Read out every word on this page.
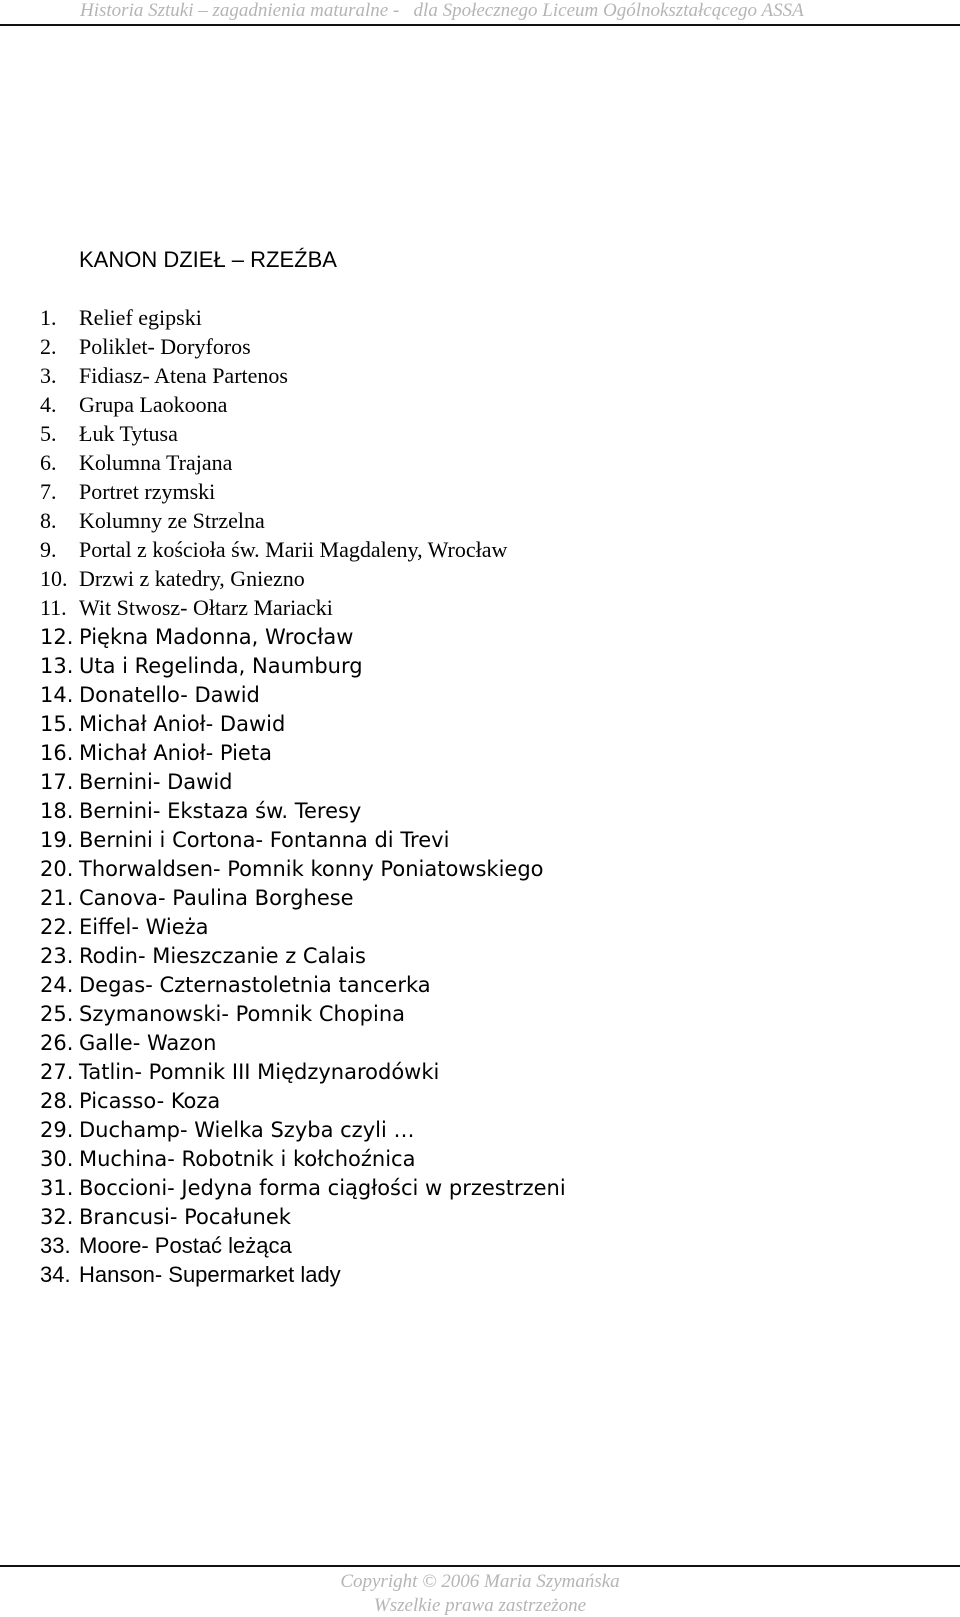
Historia Sztuki – zagadnienia maturalne -   dla Społecznego Liceum Ogólnokształcącego ASSA
KANON DZIEŁ – RZEŹBA
1.	Relief egipski
2.	Poliklet- Doryforos
3.	Fidiasz- Atena Partenos
4.	Grupa Laokoona
5.	Łuk Tytusa
6.	Kolumna Trajana
7.	Portret rzymski
8.	Kolumny ze Strzelna
9.	Portal z kościoła św. Marii Magdaleny, Wrocław
10. Drzwi z katedry, Gniezno
11. Wit Stwosz- Ołtarz Mariacki
12. Piękna Madonna, Wrocław
13. Uta i Regelinda, Naumburg
14. Donatello- Dawid
15. Michał Anioł- Dawid
16. Michał Anioł- Pieta
17. Bernini- Dawid
18. Bernini- Ekstaza św. Teresy
19. Bernini i Cortona- Fontanna di Trevi
20. Thorwaldsen- Pomnik konny Poniatowskiego
21. Canova- Paulina Borghese
22. Eiffel- Wieża
23. Rodin- Mieszczanie z Calais
24. Degas- Czternastoletnia tancerka
25. Szymanowski- Pomnik Chopina
26. Galle- Wazon
27. Tatlin- Pomnik III Międzynarodówki
28. Picasso- Koza
29. Duchamp- Wielka Szyba czyli …
30. Muchina- Robotnik i kołchoźnica
31. Boccioni- Jedyna forma ciągłości w przestrzeni
32. Brancusi- Pocałunek
33. Moore- Postać leżąca
34. Hanson- Supermarket lady
Copyright © 2006 Maria Szymańska
Wszelkie prawa zastrzeżone
